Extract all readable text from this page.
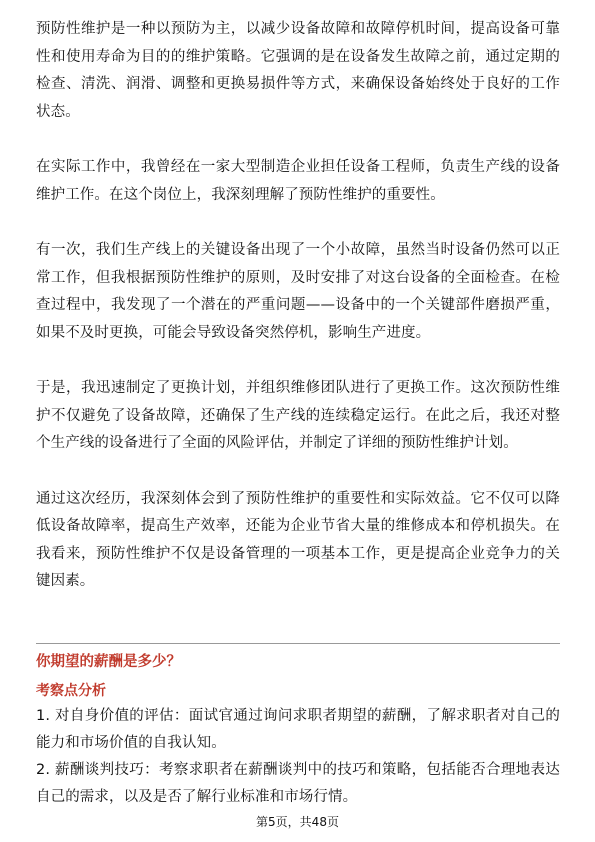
预防性维护是一种以预防为主，以减少设备故障和故障停机时间，提高设备可靠性和使用寿命为目的的维护策略。它强调的是在设备发生故障之前，通过定期的检查、清洗、润滑、调整和更换易损件等方式，来确保设备始终处于良好的工作状态。

在实际工作中，我曾经在一家大型制造企业担任设备工程师，负责生产线的设备维护工作。在这个岗位上，我深刻理解了预防性维护的重要性。

有一次，我们生产线上的关键设备出现了一个小故障，虽然当时设备仍然可以正常工作，但我根据预防性维护的原则，及时安排了对这台设备的全面检查。在检查过程中，我发现了一个潜在的严重问题——设备中的一个关键部件磨损严重，如果不及时更换，可能会导致设备突然停机，影响生产进度。

于是，我迅速制定了更换计划，并组织维修团队进行了更换工作。这次预防性维护不仅避免了设备故障，还确保了生产线的连续稳定运行。在此之后，我还对整个生产线的设备进行了全面的风险评估，并制定了详细的预防性维护计划。

通过这次经历，我深刻体会到了预防性维护的重要性和实际效益。它不仅可以降低设备故障率，提高生产效率，还能为企业节省大量的维修成本和停机损失。在我看来，预防性维护不仅是设备管理的一项基本工作，更是提高企业竞争力的关键因素。

你期望的薪酬是多少？

考察点分析

1. 对自身价值的评估：面试官通过询问求职者期望的薪酬，了解求职者对自己的能力和市场价值的自我认知。

2. 薪酬谈判技巧：考察求职者在薪酬谈判中的技巧和策略，包括能否合理地表达自己的需求，以及是否了解行业标准和市场行情。

第5页，共48页
